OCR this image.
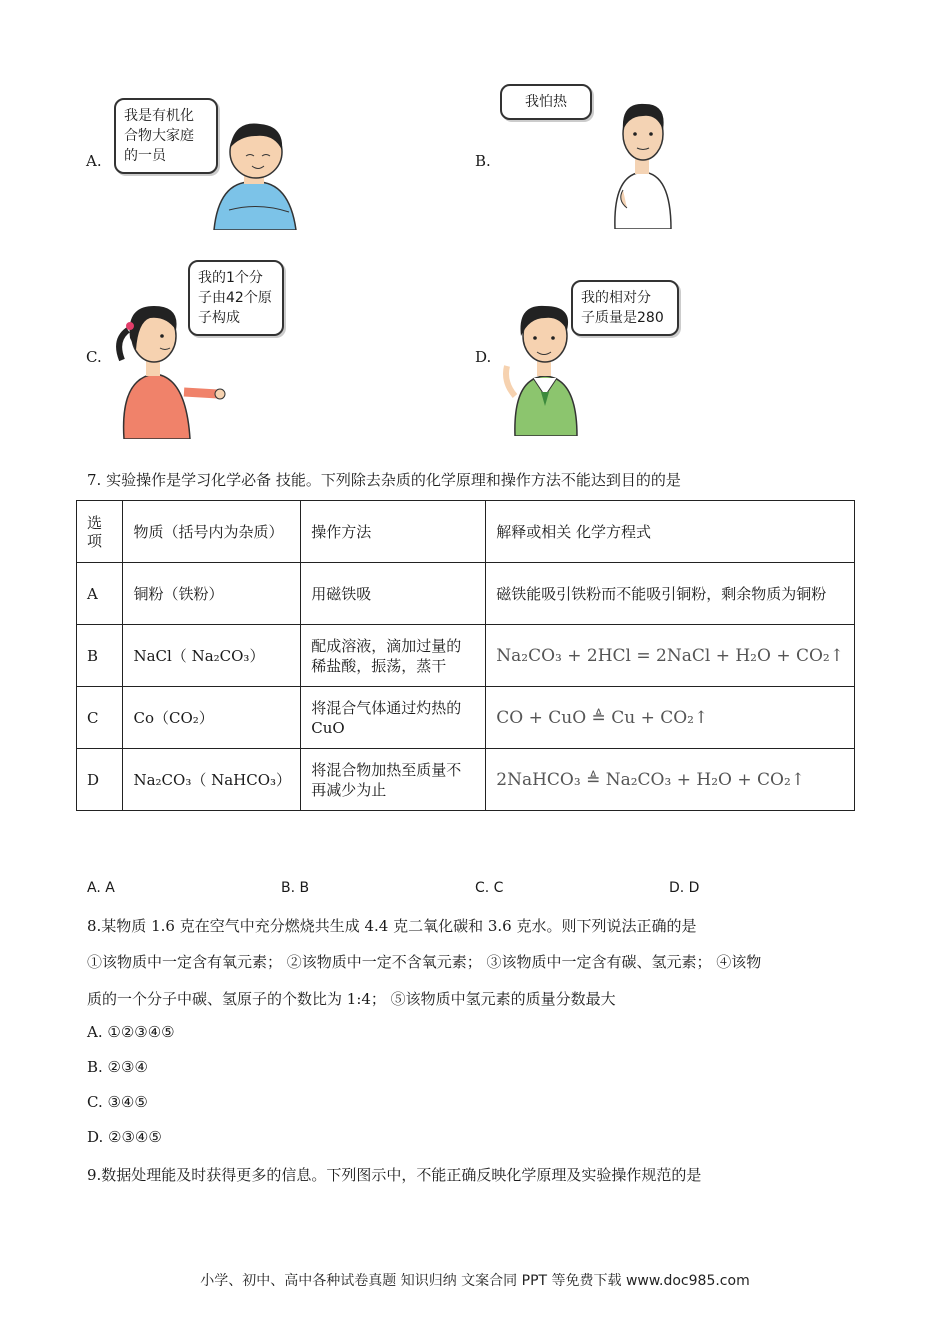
A.
我是有机化
合物大家庭
的一员	B.
我怕热
C.
我的1个分
子由42个原
子构成
D.
我的相对分
子质量是280
7. 实验操作是学习化学必备 技能。下列除去杂质的化学原理和操作方法不能达到目的的是
选项	物质（括号内为杂质）	操作方法	解释或相关 化学方程式
A	铜粉（铁粉）	用磁铁吸	磁铁能吸引铁粉而不能吸引铜粉，剩余物质为铜粉
B	NaCl（ Na₂CO₃）	配成溶液，滴加过量的稀盐酸，振荡，蒸干	Na₂CO₃ + 2HCl = 2NaCl + H₂O + CO₂↑
C	Co（CO₂）	将混合气体通过灼热的CuO	CO + CuO ≜ Cu + CO₂↑
D	Na₂CO₃（ NaHCO₃）	将混合物加热至质量不再减少为止	2NaHCO₃ ≜ Na₂CO₃ + H₂O + CO₂↑
A. A	B. B	C. C	D. D
8.某物质 1.6 克在空气中充分燃烧共生成 4.4 克二氧化碳和 3.6 克水。则下列说法正确的是
①该物质中一定含有氧元素； ②该物质中一定不含氧元素； ③该物质中一定含有碳、氢元素； ④该物
质的一个分子中碳、氢原子的个数比为 1:4； ⑤该物质中氢元素的质量分数最大
A. ①②③④⑤
B. ②③④
C. ③④⑤
D. ②③④⑤
9.数据处理能及时获得更多的信息。下列图示中，不能正确反映化学原理及实验操作规范的是
小学、初中、高中各种试卷真题 知识归纳 文案合同 PPT 等免费下载 www.doc985.com
